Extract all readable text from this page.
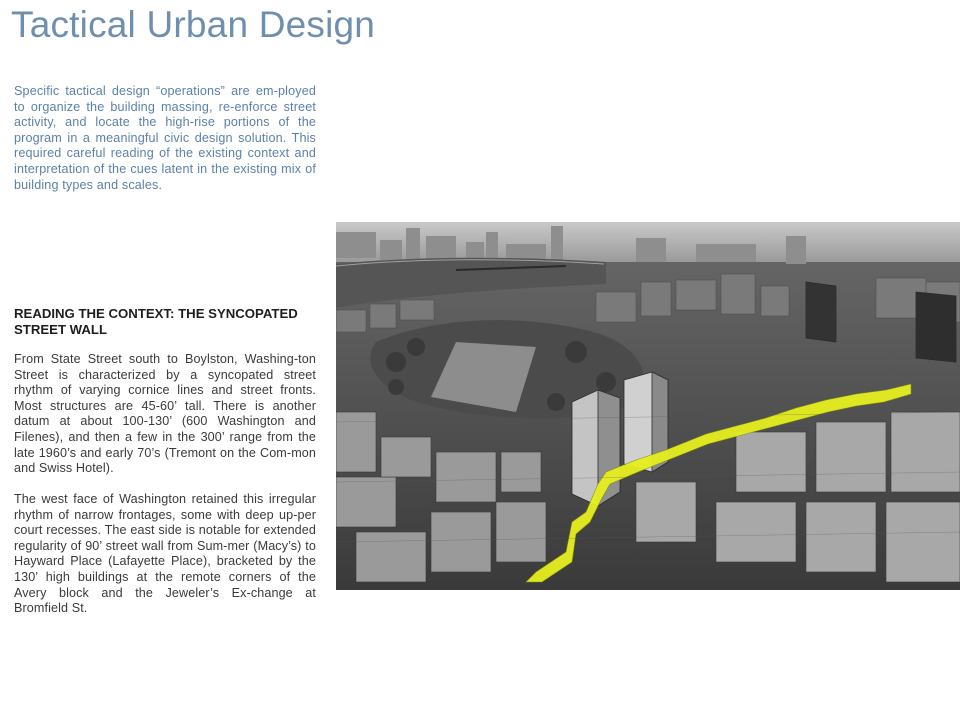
Tactical Urban Design
Specific tactical design “operations” are em-ployed to organize the building massing, re-enforce street activity, and locate the high-rise portions of the program in a meaningful civic design solution. This required careful reading of the existing context and interpretation of the cues latent in the existing mix of building types and scales.
READING THE CONTEXT: THE SYNCOPATED STREET WALL

From State Street south to Boylston, Washing-ton Street is characterized by a syncopated street rhythm of varying cornice lines and street fronts. Most structures are 45-60’ tall. There is another datum at about 100-130’ (600 Washington and Filenes), and then a few in the 300’ range from the late 1960’s and early 70’s (Tremont on the Com-mon and Swiss Hotel).

The west face of Washington retained this irregular rhythm of narrow frontages, some with deep up-per court recesses. The east side is notable for extended regularity of 90’ street wall from Sum-mer (Macy’s) to Hayward Place (Lafayette Place), bracketed by the 130’ high buildings at the remote corners of the Avery block and the Jeweler’s Ex-change at Bromfield St.
